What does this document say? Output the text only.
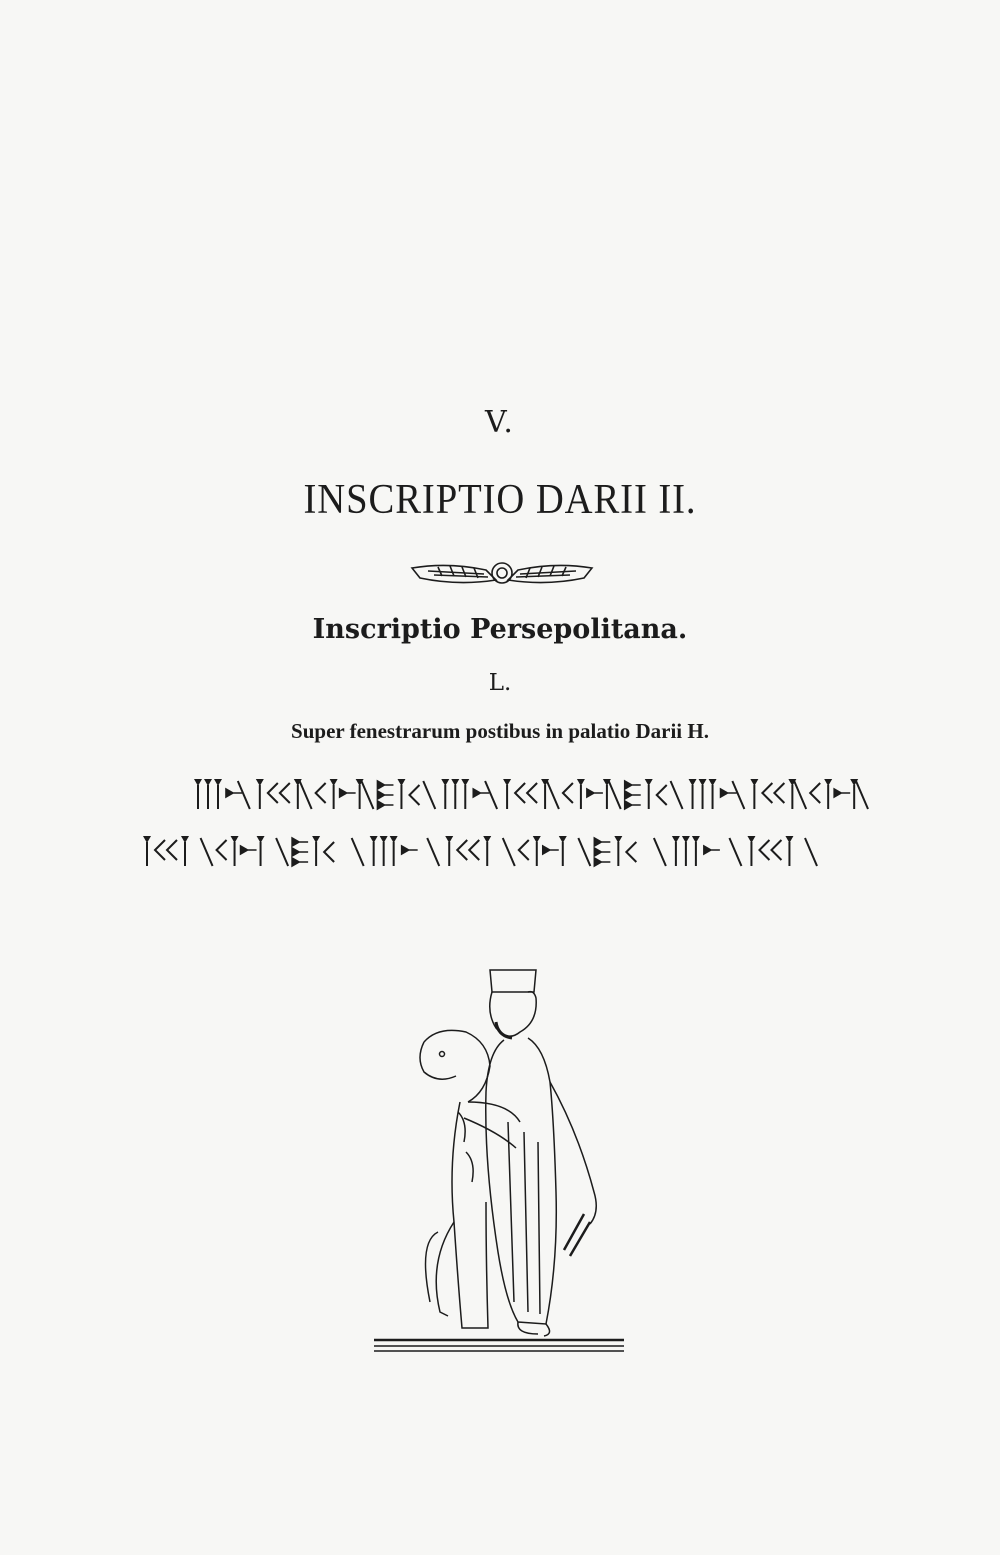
V.
INSCRIPTIO DARII II.
Inscriptio Persepolitana.
L.
Super fenestrarum postibus in palatio Darii H.
